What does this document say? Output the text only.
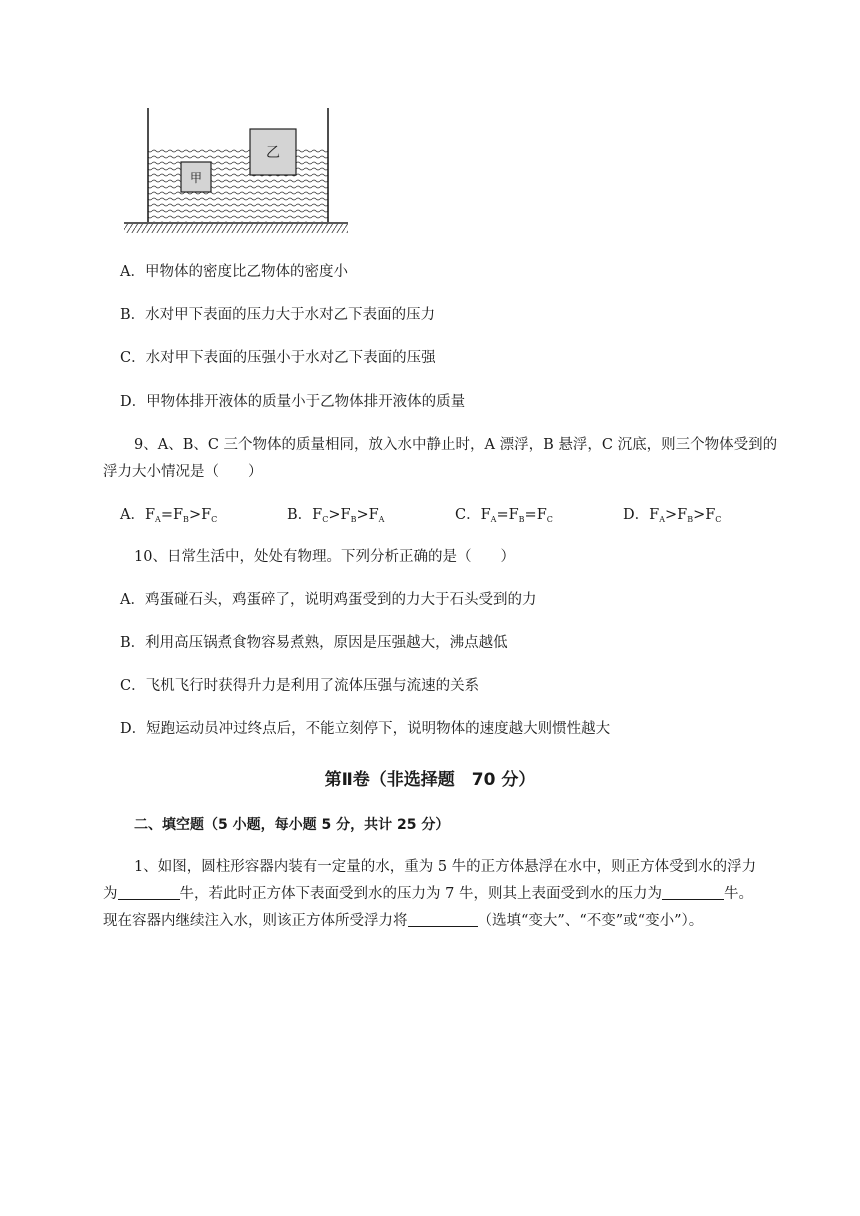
乙
甲
A．甲物体的密度比乙物体的密度小
B．水对甲下表面的压力大于水对乙下表面的压力
C．水对甲下表面的压强小于水对乙下表面的压强
D．甲物体排开液体的质量小于乙物体排开液体的质量
9、A、B、C 三个物体的质量相同，放入水中静止时，A 漂浮，B 悬浮，C 沉底，则三个物体受到的
浮力大小情况是（　　）
A．$F_A=F_B>F_C$	B．$F_C>F_B>F_A$	C．$F_A=F_B=F_C$	D．$F_A>F_B>F_C$
10、日常生活中，处处有物理。下列分析正确的是（　　）
A．鸡蛋碰石头，鸡蛋碎了，说明鸡蛋受到的力大于石头受到的力
B．利用高压锅煮食物容易煮熟，原因是压强越大，沸点越低
C．飞机飞行时获得升力是利用了流体压强与流速的关系
D．短跑运动员冲过终点后，不能立刻停下，说明物体的速度越大则惯性越大
第Ⅱ卷（非选择题　70 分）
二、填空题（5 小题，每小题 5 分，共计 25 分）
1、如图，圆柱形容器内装有一定量的水，重为 5 牛的正方体悬浮在水中，则正方体受到水的浮力
为	牛，若此时正方体下表面受到水的压力为 7 牛，则其上表面受到水的压力为	牛。
现在容器内继续注入水，则该正方体所受浮力将	（选填“变大”、“不变”或“变小”）。
